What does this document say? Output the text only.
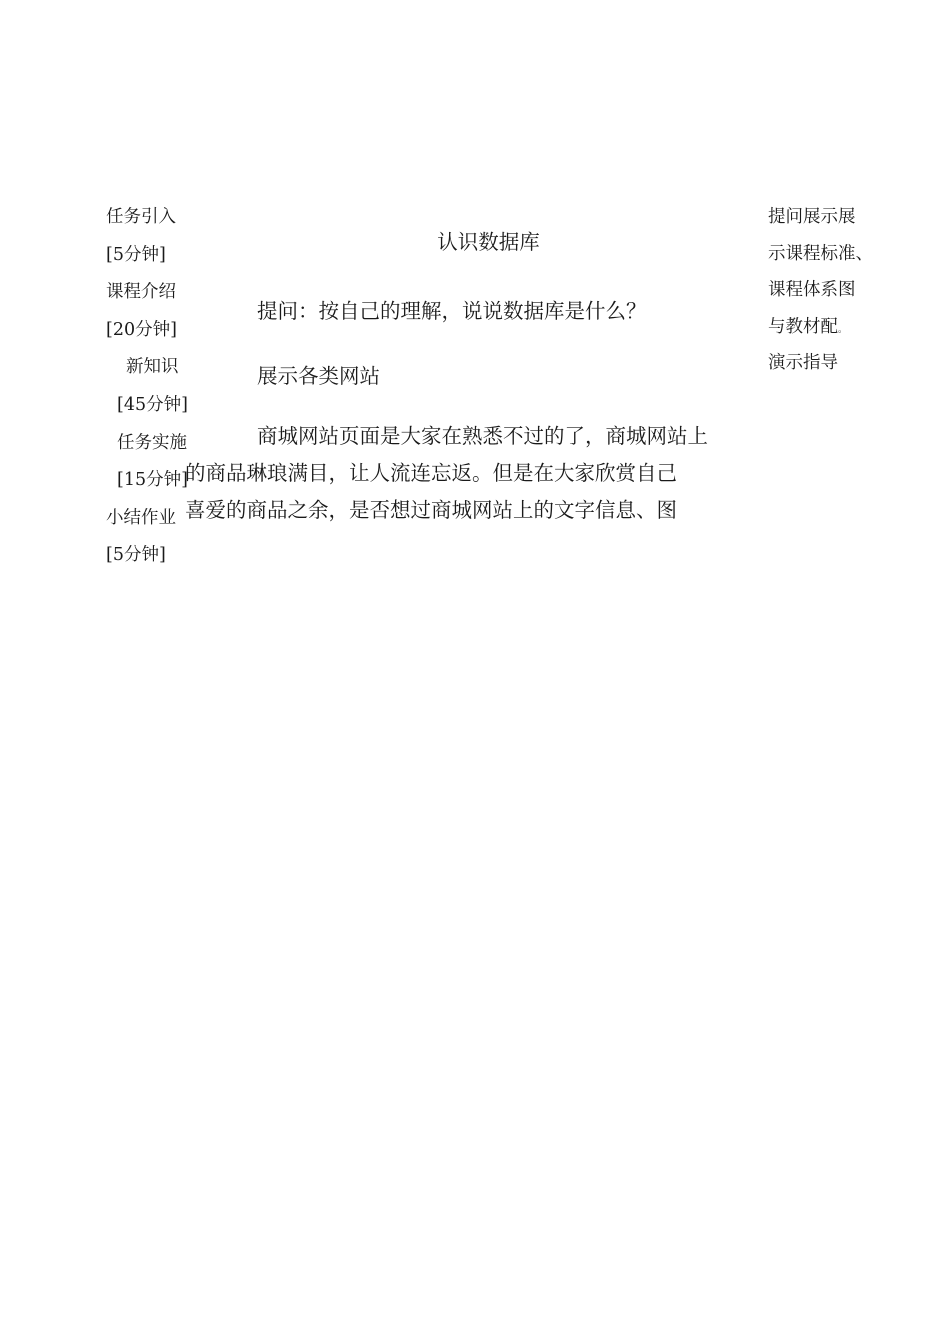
任务引入
[5分钟]
课程介绍
[20分钟]
新知识
[45分钟]
任务实施
[15分钟]
小结作业
[5分钟]
认识数据库
提问：按自己的理解，说说数据库是什么？
展示各类网站
商城网站页面是大家在熟悉不过的了，商城网站上
的商品琳琅满目，让人流连忘返。但是在大家欣赏自己
喜爱的商品之余，是否想过商城网站上的文字信息、图
提问展示展
示课程标准、
课程体系图
与教材配。
演示指导
